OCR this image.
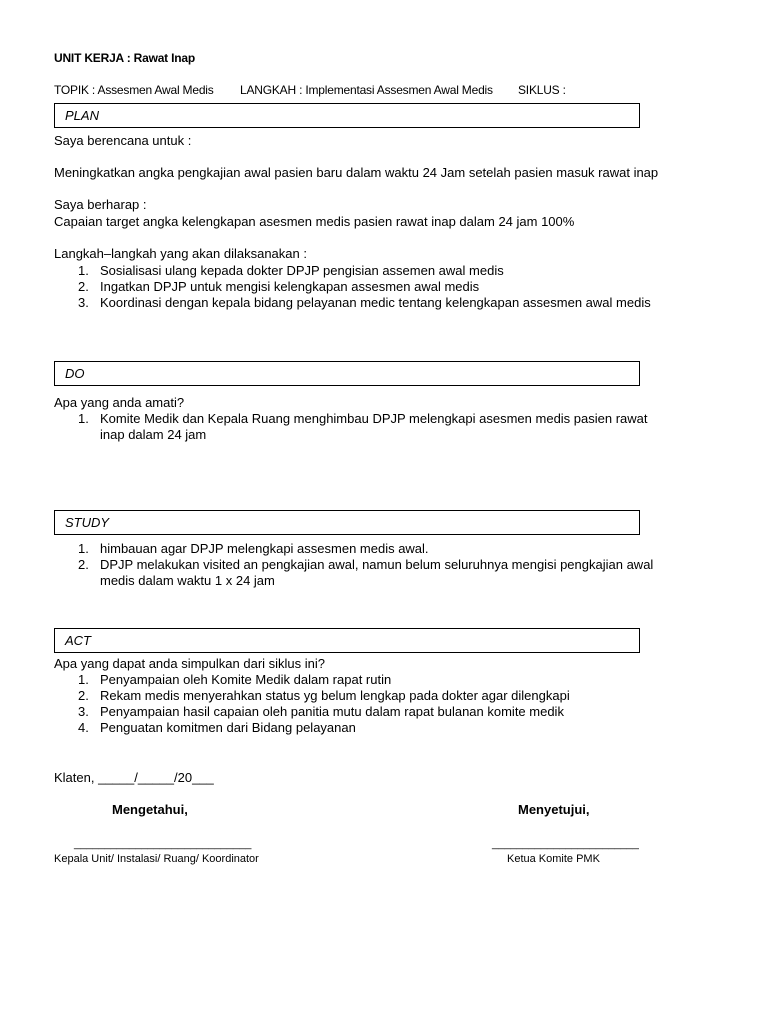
UNIT KERJA : Rawat Inap
TOPIK : Assesmen Awal Medis LANGKAH : Implementasi Assesmen Awal Medis SIKLUS :
PLAN
Saya berencana untuk :
Meningkatkan angka pengkajian awal pasien baru dalam waktu 24 Jam setelah pasien masuk rawat inap
Saya berharap :
Capaian target angka kelengkapan asesmen medis pasien rawat inap dalam 24 jam 100%
Langkah–langkah yang akan dilaksanakan :
1. Sosialisasi ulang kepada dokter DPJP pengisian assemen awal medis
2. Ingatkan DPJP untuk mengisi kelengkapan assesmen awal medis
3. Koordinasi dengan kepala bidang pelayanan medic tentang kelengkapan assesmen awal medis
DO
Apa yang anda amati?
1. Komite Medik dan Kepala Ruang menghimbau DPJP melengkapi asesmen medis pasien rawat inap dalam 24 jam
STUDY
1. himbauan agar DPJP melengkapi assesmen medis awal.
2. DPJP melakukan visited an pengkajian awal, namun belum seluruhnya mengisi pengkajian awal medis dalam waktu 1 x 24 jam
ACT
Apa yang dapat anda simpulkan dari siklus ini?
1. Penyampaian oleh Komite Medik dalam rapat rutin
2. Rekam medis menyerahkan status yg belum lengkap pada dokter agar dilengkapi
3. Penyampaian hasil capaian oleh panitia mutu dalam rapat bulanan komite medik
4. Penguatan komitmen dari Bidang pelayanan
Klaten, _____/_____/20___
Mengetahui,	Menyetujui,
_____________________________	________________________
Kepala Unit/ Instalasi/ Ruang/ Koordinator	Ketua Komite PMK
